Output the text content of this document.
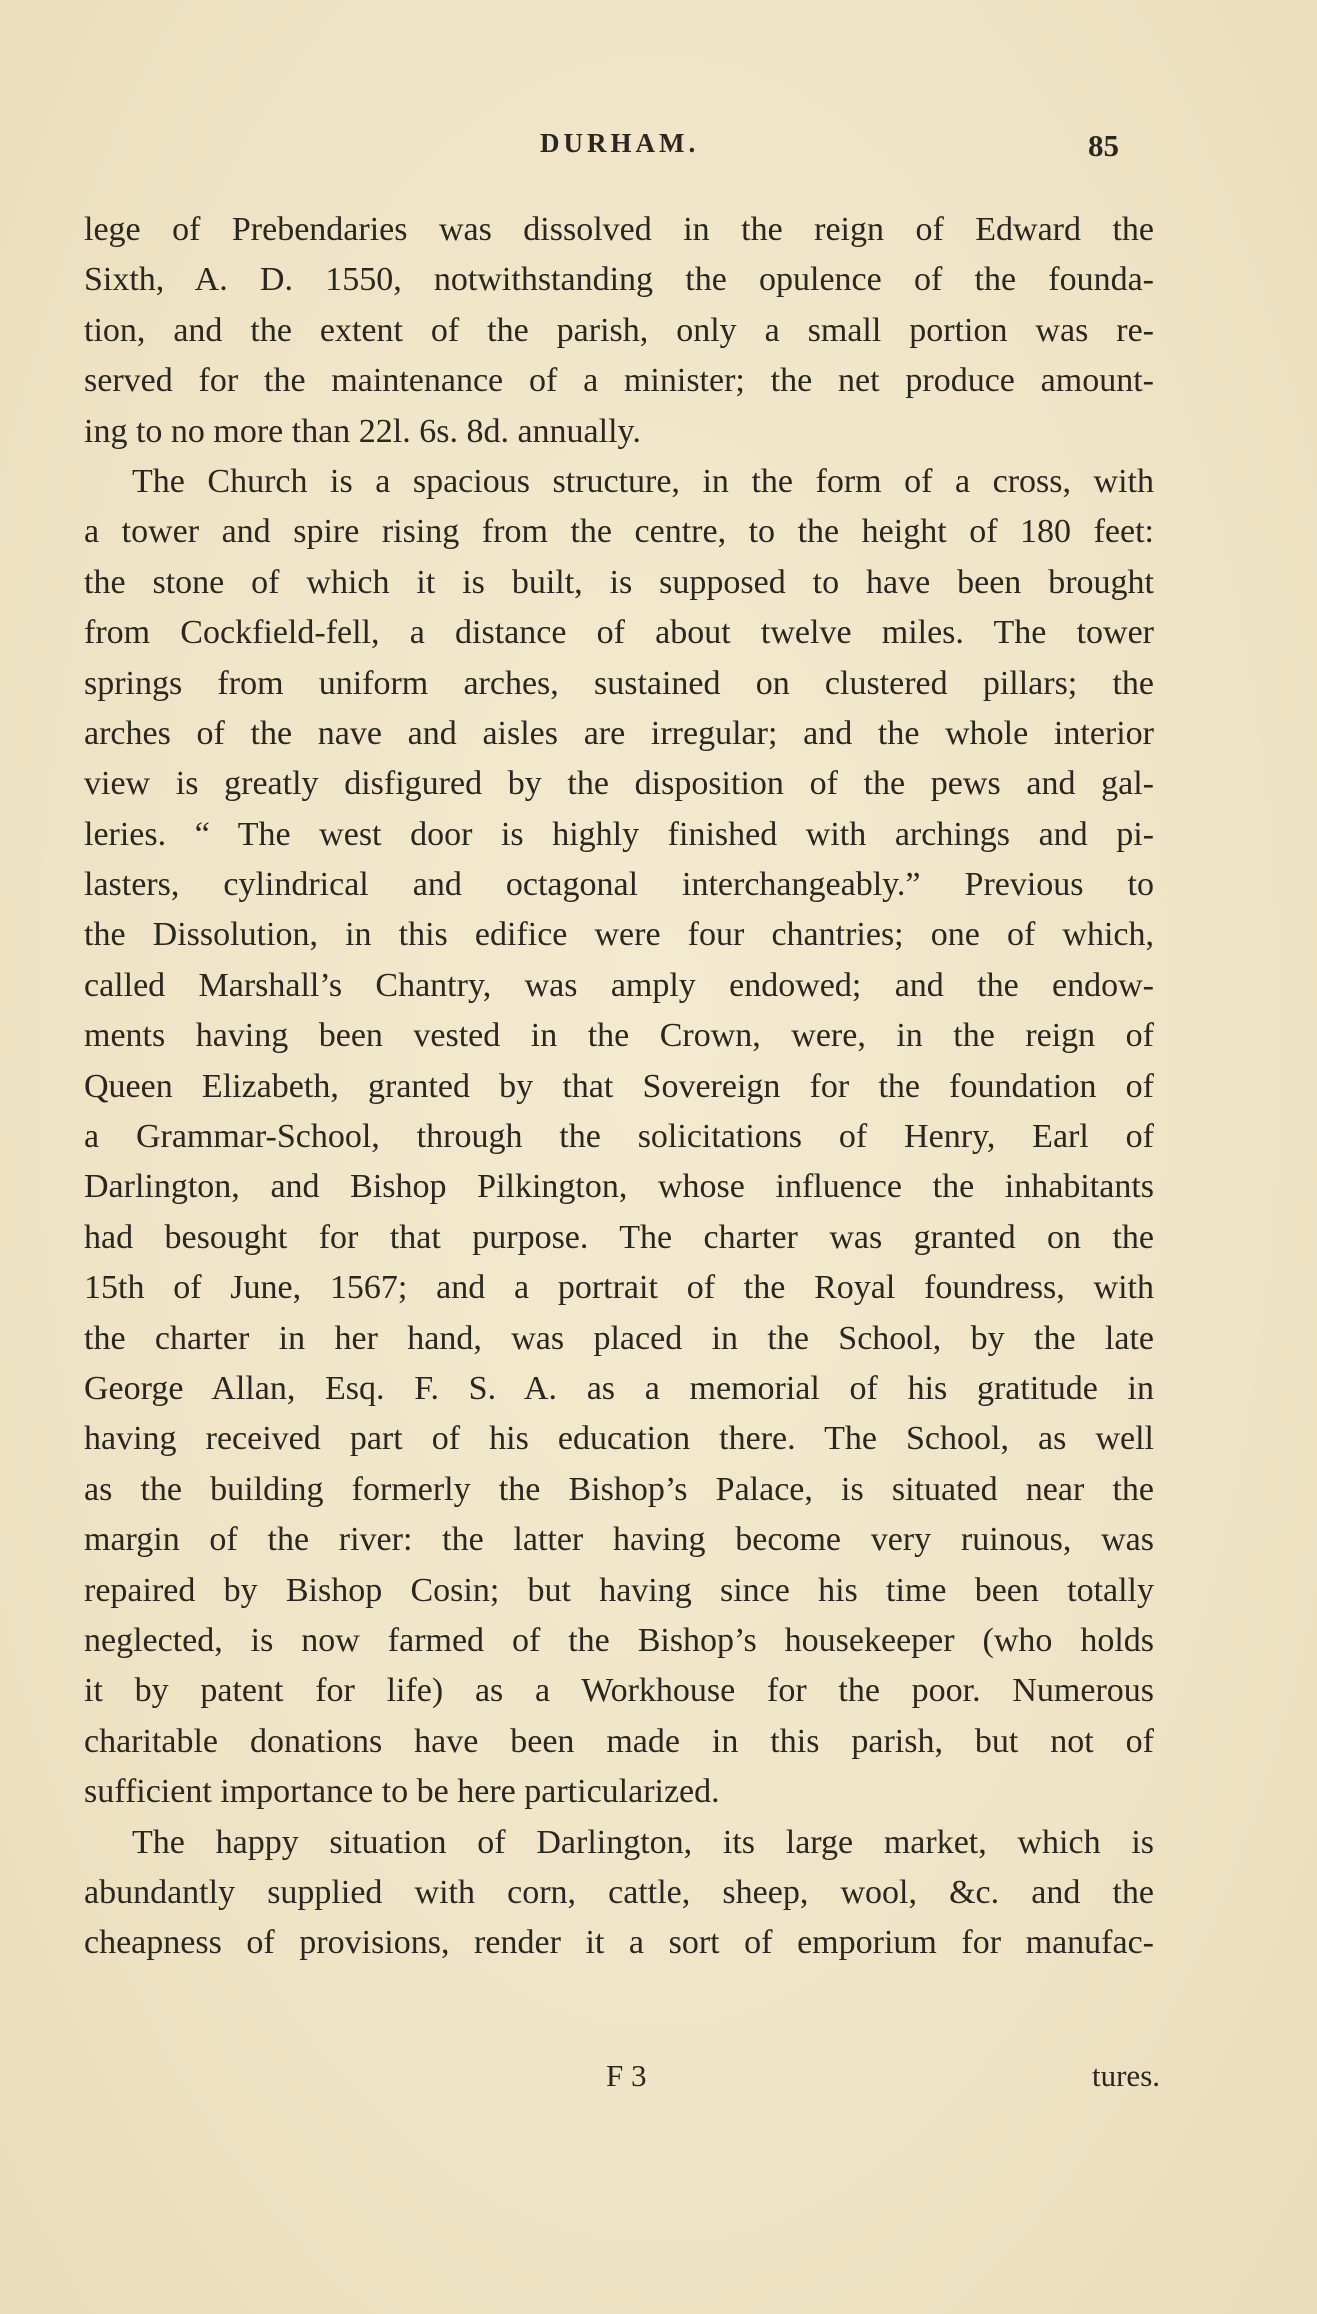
DURHAM.	85
lege of Prebendaries was dissolved in the reign of Edward the
Sixth, A. D. 1550, notwithstanding the opulence of the founda-
tion, and the extent of the parish, only a small portion was re-
served for the maintenance of a minister; the net produce amount-
ing to no more than 22l. 6s. 8d. annually.
The Church is a spacious structure, in the form of a cross, with
a tower and spire rising from the centre, to the height of 180 feet:
the stone of which it is built, is supposed to have been brought
from Cockfield-fell, a distance of about twelve miles. The tower
springs from uniform arches, sustained on clustered pillars; the
arches of the nave and aisles are irregular; and the whole interior
view is greatly disfigured by the disposition of the pews and gal-
leries. “ The west door is highly finished with archings and pi-
lasters, cylindrical and octagonal interchangeably.” Previous to
the Dissolution, in this edifice were four chantries; one of which,
called Marshall’s Chantry, was amply endowed; and the endow-
ments having been vested in the Crown, were, in the reign of
Queen Elizabeth, granted by that Sovereign for the foundation of
a Grammar-School, through the solicitations of Henry, Earl of
Darlington, and Bishop Pilkington, whose influence the inhabitants
had besought for that purpose. The charter was granted on the
15th of June, 1567; and a portrait of the Royal foundress, with
the charter in her hand, was placed in the School, by the late
George Allan, Esq. F. S. A. as a memorial of his gratitude in
having received part of his education there. The School, as well
as the building formerly the Bishop’s Palace, is situated near the
margin of the river: the latter having become very ruinous, was
repaired by Bishop Cosin; but having since his time been totally
neglected, is now farmed of the Bishop’s housekeeper (who holds
it by patent for life) as a Workhouse for the poor. Numerous
charitable donations have been made in this parish, but not of
sufficient importance to be here particularized.
The happy situation of Darlington, its large market, which is
abundantly supplied with corn, cattle, sheep, wool, &c. and the
cheapness of provisions, render it a sort of emporium for manufac-
F 3	tures.
